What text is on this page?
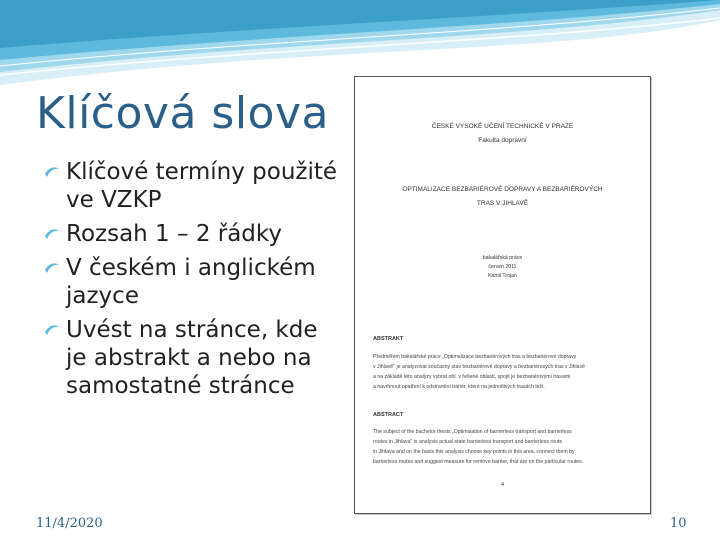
Klíčová slova
Klíčové termíny použité ve VZKP
Rozsah 1 – 2 řádky
V českém i anglickém jazyce
Uvést na stránce, kde je abstrakt a nebo na samostatné stránce
ČESKÉ VYSOKÉ UČENÍ TECHNICKÉ V PRAZE
Fakulta dopravní
OPTIMALIZACE BEZBARIÉROVÉ DOPRAVY A BEZBARIÉROVÝCH
TRAS V JIHLAVĚ
bakalářská práce
červen 2011
Kamil Trojan
ABSTRAKT
Předmětem bakalářské práce „Optimalizace bezbariérových tras a bezbariérové dopravy
v Jihlavě" je analyzovat současný stav bezbariérové dopravy a bezbariérových tras v Jihlavě
a na základě této analýzy vybrat obl. v řešené oblasti, spojit je bezbariérovými trasami
a navrhnout opatření k odstranění bariér, které na jednotlivých trasách leží.
ABSTRACT
The subject of the bachelor thesis „Optimisation of barrierless transport and barrierless
routes in Jihlava" is analysis actual state barrierless transport and barrierless route
in Jihlava and on the basis this analysis choose key points in this area, connect them by
barrierless routes and suggest measure for remove barrier, that are on the particular routes.
4
11/4/2020	10
